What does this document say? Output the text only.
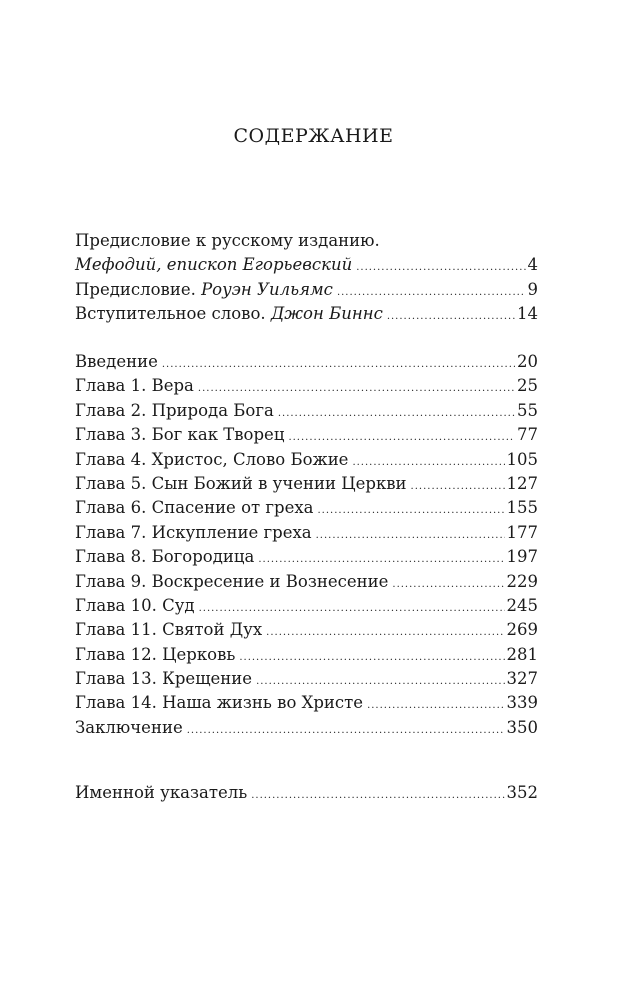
СОДЕРЖАНИЕ
Предисловие к русскому изданию.
Мефодий, епископ Егорьевский .....	4
Предисловие. Роуэн Уильямс .....	9
Вступительное слово. Джон Биннс .....	14
Введение .....	20
Глава 1. Вера .....	25
Глава 2. Природа Бога .....	55
Глава 3. Бог как Творец .....	77
Глава 4. Христос, Слово Божие .....	105
Глава 5. Сын Божий в учении Церкви .....	127
Глава 6. Спасение от греха .....	155
Глава 7. Искупление греха .....	177
Глава 8. Богородица .....	197
Глава 9. Воскресение и Вознесение .....	229
Глава 10. Суд .....	245
Глава 11. Святой Дух .....	269
Глава 12. Церковь .....	281
Глава 13. Крещение .....	327
Глава 14. Наша жизнь во Христе .....	339
Заключение .....	350
Именной указатель .....	352
